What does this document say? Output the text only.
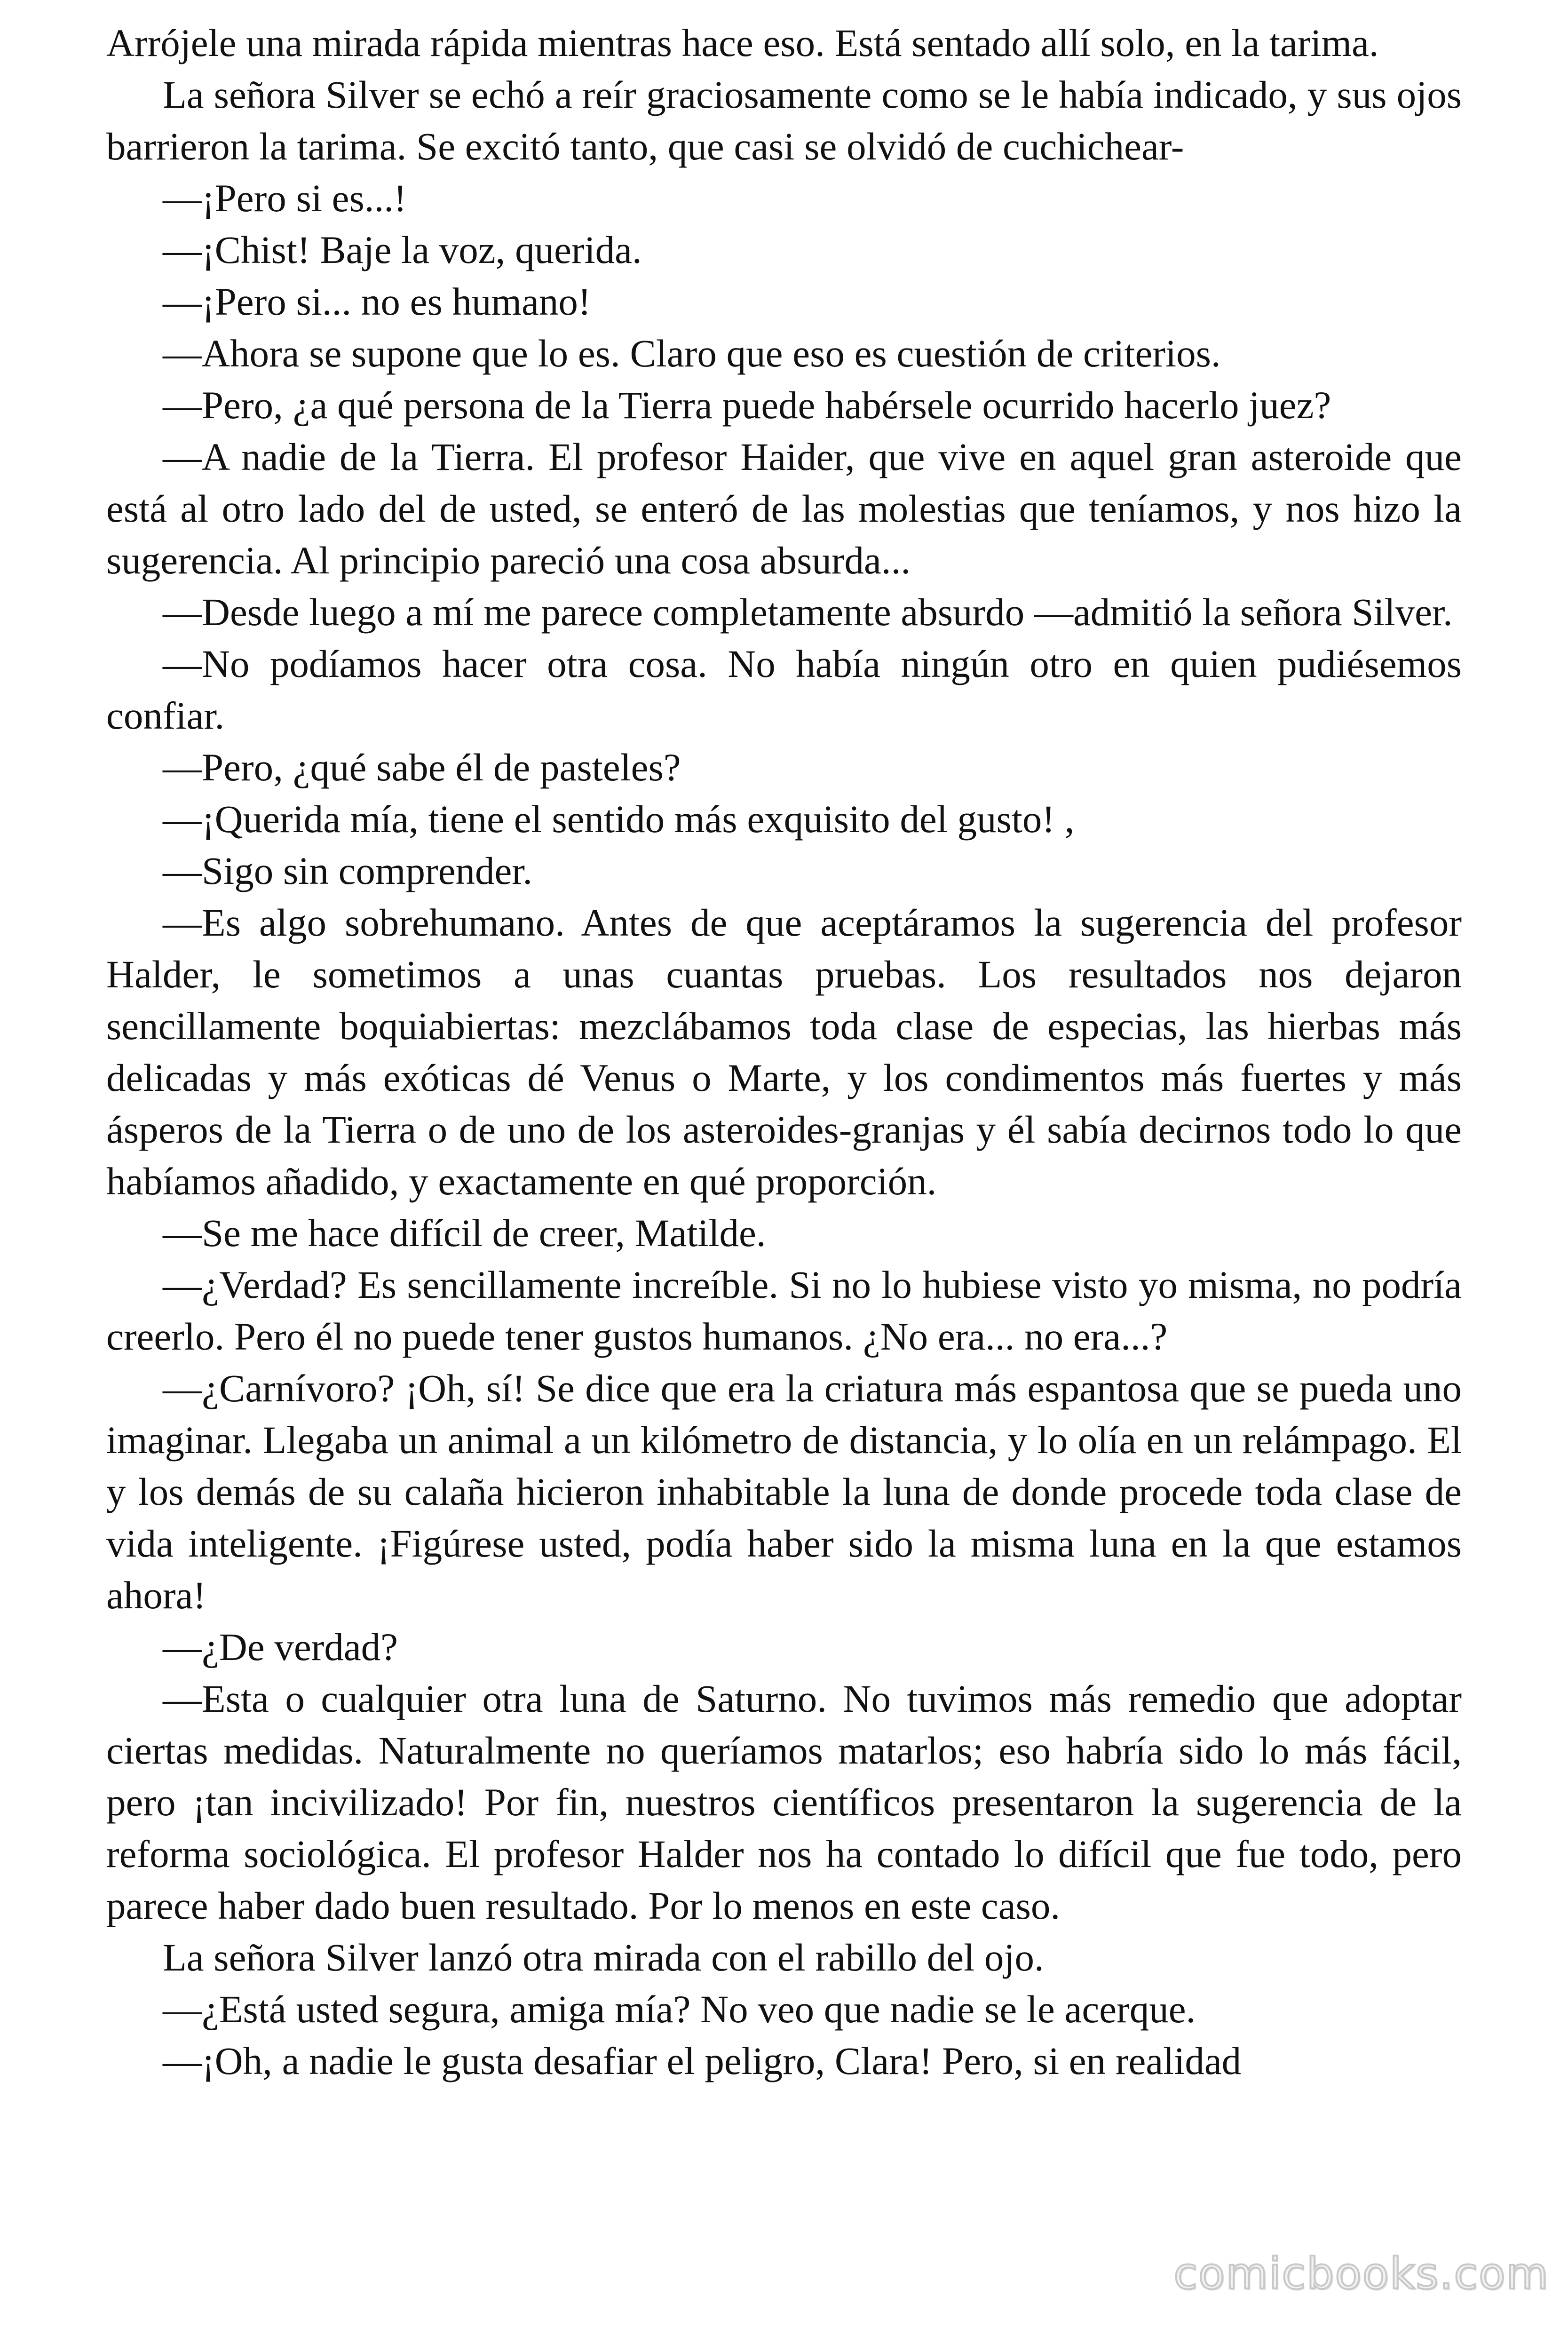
Arrójele una mirada rápida mientras hace eso. Está sentado allí solo, en la tarima.

La señora Silver se echó a reír graciosamente como se le había indicado, y sus ojos barrieron la tarima. Se excitó tanto, que casi se olvidó de cuchichear-

—¡Pero si es...!

—¡Chist! Baje la voz, querida.

—¡Pero si... no es humano!

—Ahora se supone que lo es. Claro que eso es cuestión de criterios.

—Pero, ¿a qué persona de la Tierra puede habérsele ocurrido hacerlo juez?

—A nadie de la Tierra. El profesor Haider, que vive en aquel gran asteroide que está al otro lado del de usted, se enteró de las molestias que teníamos, y nos hizo la sugerencia. Al principio pareció una cosa absurda...

—Desde luego a mí me parece completamente absurdo —admitió la señora Silver.

—No podíamos hacer otra cosa. No había ningún otro en quien pudiésemos confiar.

—Pero, ¿qué sabe él de pasteles?

—¡Querida mía, tiene el sentido más exquisito del gusto! ,

—Sigo sin comprender.

—Es algo sobrehumano. Antes de que aceptáramos la sugerencia del profesor Halder, le sometimos a unas cuantas pruebas. Los resultados nos dejaron sencillamente boquiabiertas: mezclábamos toda clase de especias, las hierbas más delicadas y más exóticas dé Venus o Marte, y los condimentos más fuertes y más ásperos de la Tierra o de uno de los asteroides-granjas y él sabía decirnos todo lo que habíamos añadido, y exactamente en qué proporción.

—Se me hace difícil de creer, Matilde.

—¿Verdad? Es sencillamente increíble. Si no lo hubiese visto yo misma, no podría creerlo. Pero él no puede tener gustos humanos. ¿No era... no era...?

—¿Carnívoro? ¡Oh, sí! Se dice que era la criatura más espantosa que se pueda uno imaginar. Llegaba un animal a un kilómetro de distancia, y lo olía en un relámpago. El y los demás de su calaña hicieron inhabitable la luna de donde procede toda clase de vida inteligente. ¡Figúrese usted, podía haber sido la misma luna en la que estamos ahora!

—¿De verdad?

—Esta o cualquier otra luna de Saturno. No tuvimos más remedio que adoptar ciertas medidas. Naturalmente no queríamos matarlos; eso habría sido lo más fácil, pero ¡tan incivilizado! Por fin, nuestros científicos presentaron la sugerencia de la reforma sociológica. El profesor Halder nos ha contado lo difícil que fue todo, pero parece haber dado buen resultado. Por lo menos en este caso.

La señora Silver lanzó otra mirada con el rabillo del ojo.

—¿Está usted segura, amiga mía? No veo que nadie se le acerque.

—¡Oh, a nadie le gusta desafiar el peligro, Clara! Pero, si en realidad

comicbooks.com
